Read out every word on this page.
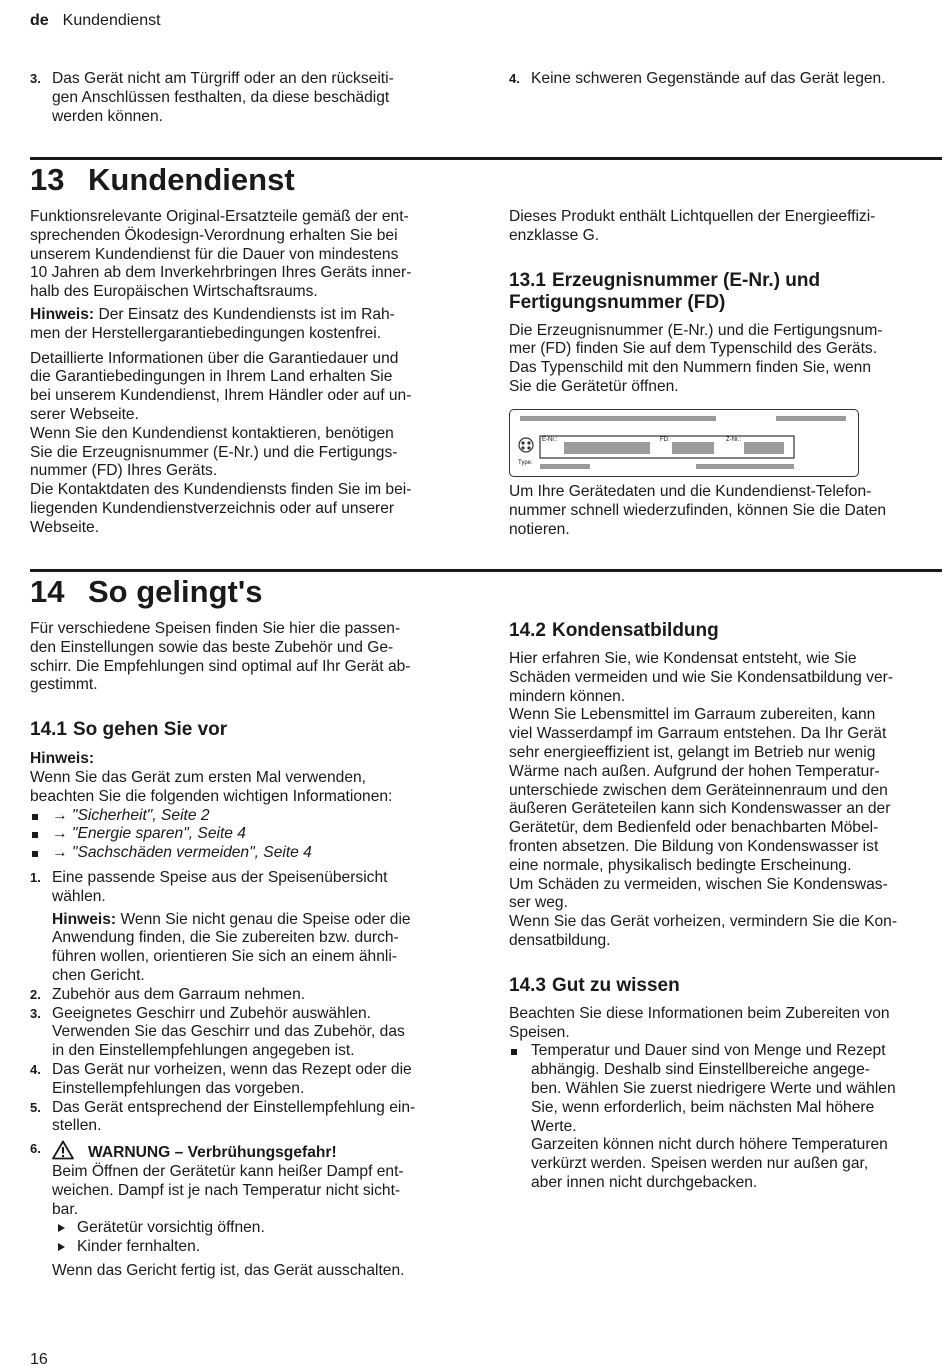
de Kundendienst
3. Das Gerät nicht am Türgriff oder an den rückseiti-
gen Anschlüssen festhalten, da diese beschädigt
werden können.
4. Keine schweren Gegenstände auf das Gerät legen.
13 Kundendienst

Funktionsrelevante Original-Ersatzteile gemäß der ent-
sprechenden Ökodesign-Verordnung erhalten Sie bei
unserem Kundendienst für die Dauer von mindestens
10 Jahren ab dem Inverkehrbringen Ihres Geräts inner-
halb des Europäischen Wirtschaftsraums.

Hinweis: Der Einsatz des Kundendiensts ist im Rah-
men der Herstellergarantiebedingungen kostenfrei.

Detaillierte Informationen über die Garantiedauer und
die Garantiebedingungen in Ihrem Land erhalten Sie
bei unserem Kundendienst, Ihrem Händler oder auf un-
serer Webseite.
Wenn Sie den Kundendienst kontaktieren, benötigen
Sie die Erzeugnisnummer (E-Nr.) und die Fertigungs-
nummer (FD) Ihres Geräts.
Die Kontaktdaten des Kundendiensts finden Sie im bei-
liegenden Kundendienstverzeichnis oder auf unserer
Webseite.

Dieses Produkt enthält Lichtquellen der Energieeffizi-
enzklasse G.

13.1 Erzeugnisnummer (E-Nr.) und
Fertigungsnummer (FD)

Die Erzeugnisnummer (E-Nr.) und die Fertigungsnum-
mer (FD) finden Sie auf dem Typenschild des Geräts.
Das Typenschild mit den Nummern finden Sie, wenn
Sie die Gerätetür öffnen.

E-Nr.:	FD:	Z-Nr.:
Type:

Um Ihre Gerätedaten und die Kundendienst-Telefon-
nummer schnell wiederzufinden, können Sie die Daten
notieren.

14 So gelingt's

Für verschiedene Speisen finden Sie hier die passen-
den Einstellungen sowie das beste Zubehör und Ge-
schirr. Die Empfehlungen sind optimal auf Ihr Gerät ab-
gestimmt.

14.1 So gehen Sie vor

Hinweis:

Wenn Sie das Gerät zum ersten Mal verwenden,
beachten Sie die folgenden wichtigen Informationen:

→ "Sicherheit", Seite 2
→ "Energie sparen", Seite 4
→ "Sachschäden vermeiden", Seite 4
1. Eine passende Speise aus der Speisenübersicht
wählen.

Hinweis: Wenn Sie nicht genau die Speise oder die
Anwendung finden, die Sie zubereiten bzw. durch-
führen wollen, orientieren Sie sich an einem ähnli-
chen Gericht.

2. Zubehör aus dem Garraum nehmen.
3. Geeignetes Geschirr und Zubehör auswählen.
Verwenden Sie das Geschirr und das Zubehör, das
in den Einstellempfehlungen angegeben ist.
4. Das Gerät nur vorheizen, wenn das Rezept oder die
Einstellempfehlungen das vorgeben.
5. Das Gerät entsprechend der Einstellempfehlung ein-
stellen.
6.	WARNUNG – Verbrühungsgefahr!

Beim Öffnen der Gerätetür kann heißer Dampf ent-
weichen. Dampf ist je nach Temperatur nicht sicht-
bar.

Gerätetür vorsichtig öffnen.
Kinder fernhalten.

Wenn das Gericht fertig ist, das Gerät ausschalten.

14.2 Kondensatbildung

Hier erfahren Sie, wie Kondensat entsteht, wie Sie
Schäden vermeiden und wie Sie Kondensatbildung ver-
mindern können.
Wenn Sie Lebensmittel im Garraum zubereiten, kann
viel Wasserdampf im Garraum entstehen. Da Ihr Gerät
sehr energieeffizient ist, gelangt im Betrieb nur wenig
Wärme nach außen. Aufgrund der hohen Temperatur-
unterschiede zwischen dem Geräteinnenraum und den
äußeren Geräteteilen kann sich Kondenswasser an der
Gerätetür, dem Bedienfeld oder benachbarten Möbel-
fronten absetzen. Die Bildung von Kondenswasser ist
eine normale, physikalisch bedingte Erscheinung.
Um Schäden zu vermeiden, wischen Sie Kondenswas-
ser weg.
Wenn Sie das Gerät vorheizen, vermindern Sie die Kon-
densatbildung.

14.3 Gut zu wissen

Beachten Sie diese Informationen beim Zubereiten von
Speisen.

Temperatur und Dauer sind von Menge und Rezept
abhängig. Deshalb sind Einstellbereiche angege-
ben. Wählen Sie zuerst niedrigere Werte und wählen
Sie, wenn erforderlich, beim nächsten Mal höhere
Werte.
Garzeiten können nicht durch höhere Temperaturen
verkürzt werden. Speisen werden nur außen gar,
aber innen nicht durchgebacken.
16
